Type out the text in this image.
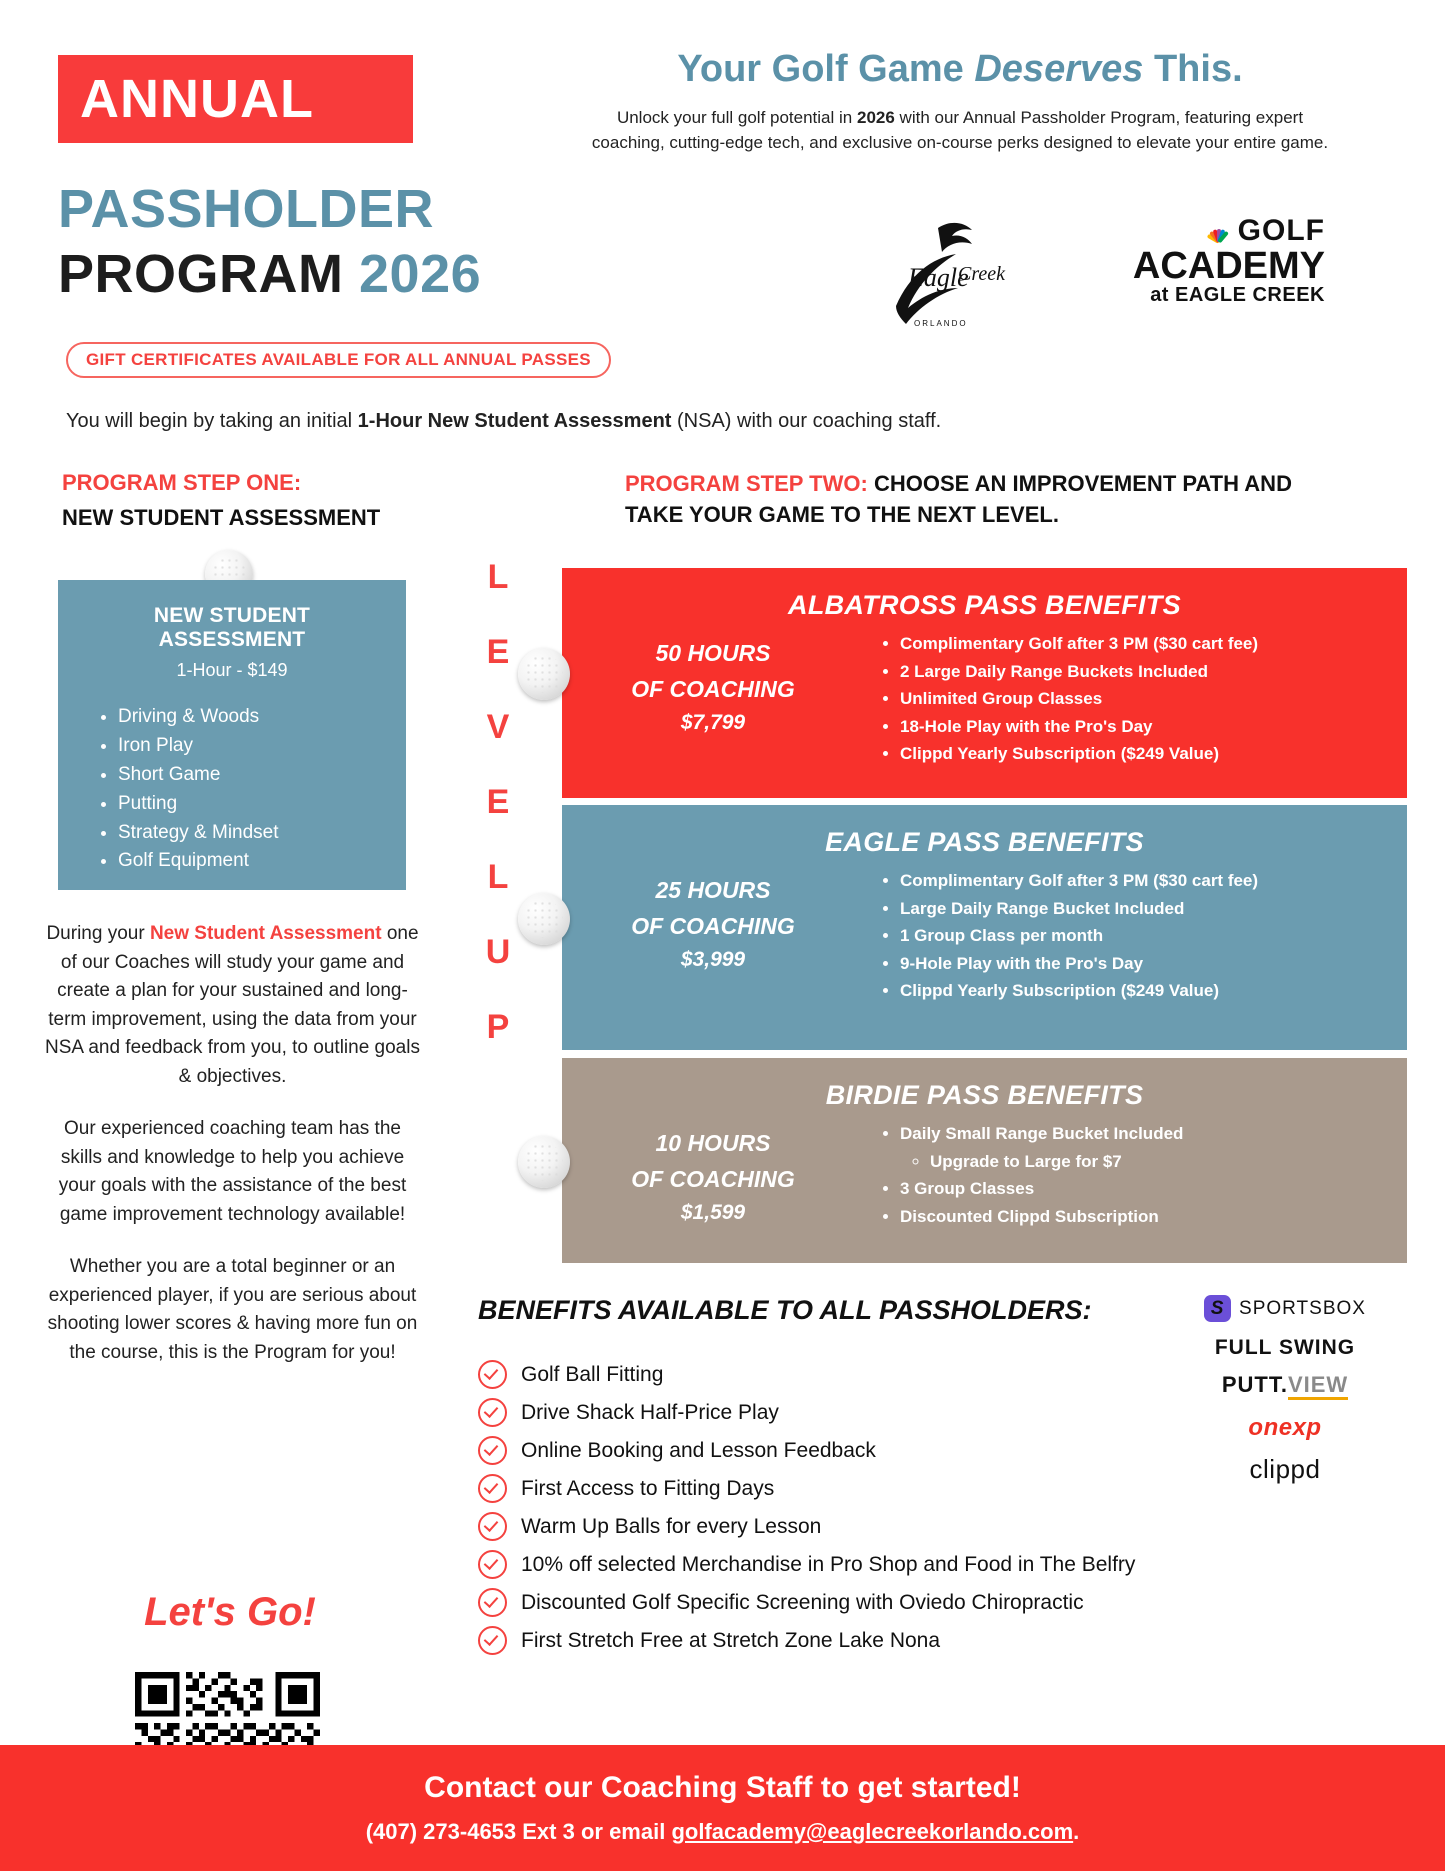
ANNUAL
PASSHOLDER
PROGRAM 2026
Your Golf Game Deserves This.
Unlock your full golf potential in 2026 with our Annual Passholder Program, featuring expert coaching, cutting-edge tech, and exclusive on-course perks designed to elevate your entire game.
Eagle
Creek
ORLANDO
GOLF
ACADEMY
at EAGLE CREEK
GIFT CERTIFICATES AVAILABLE FOR ALL ANNUAL PASSES
You will begin by taking an initial 1-Hour New Student Assessment (NSA) with our coaching staff.
PROGRAM STEP ONE:
NEW STUDENT ASSESSMENT
PROGRAM STEP TWO: CHOOSE AN IMPROVEMENT PATH AND TAKE YOUR GAME TO THE NEXT LEVEL.
NEW STUDENT ASSESSMENT
1-Hour - $149
• Driving & Woods
• Iron Play
• Short Game
• Putting
• Strategy & Mindset
• Golf Equipment

During your New Student Assessment one of our Coaches will study your game and create a plan for your sustained and long-term improvement, using the data from your NSA and feedback from you, to outline goals & objectives.

Our experienced coaching team has the skills and knowledge to help you achieve your goals with the assistance of the best game improvement technology available!

Whether you are a total beginner or an experienced player, if you are serious about shooting lower scores & having more fun on the course, this is the Program for you!

Let's Go!
L
E
V
E
L
U
P
ALBATROSS PASS BENEFITS
50 HOURS
OF COACHING
$7,799
• Complimentary Golf after 3 PM ($30 cart fee)
• 2 Large Daily Range Buckets Included
• Unlimited Group Classes
• 18-Hole Play with the Pro's Day
• Clippd Yearly Subscription ($249 Value)
EAGLE PASS BENEFITS
25 HOURS
OF COACHING
$3,999
• Complimentary Golf after 3 PM ($30 cart fee)
• Large Daily Range Bucket Included
• 1 Group Class per month
• 9-Hole Play with the Pro's Day
• Clippd Yearly Subscription ($249 Value)
BIRDIE PASS BENEFITS
10 HOURS
OF COACHING
$1,599
• Daily Small Range Bucket Included
◦ Upgrade to Large for $7
• 3 Group Classes
• Discounted Clippd Subscription
BENEFITS AVAILABLE TO ALL PASSHOLDERS:
Golf Ball Fitting
Drive Shack Half-Price Play
Online Booking and Lesson Feedback
First Access to Fitting Days
Warm Up Balls for every Lesson
10% off selected Merchandise in Pro Shop and Food in The Belfry
Discounted Golf Specific Screening with Oviedo Chiropractic
First Stretch Free at Stretch Zone Lake Nona
S SPORTSBOX
FULL SWING
PUTT.VIEW
onexp
clippd
Contact our Coaching Staff to get started!
(407) 273-4653 Ext 3 or email golfacademy@eaglecreekorlando.com.
